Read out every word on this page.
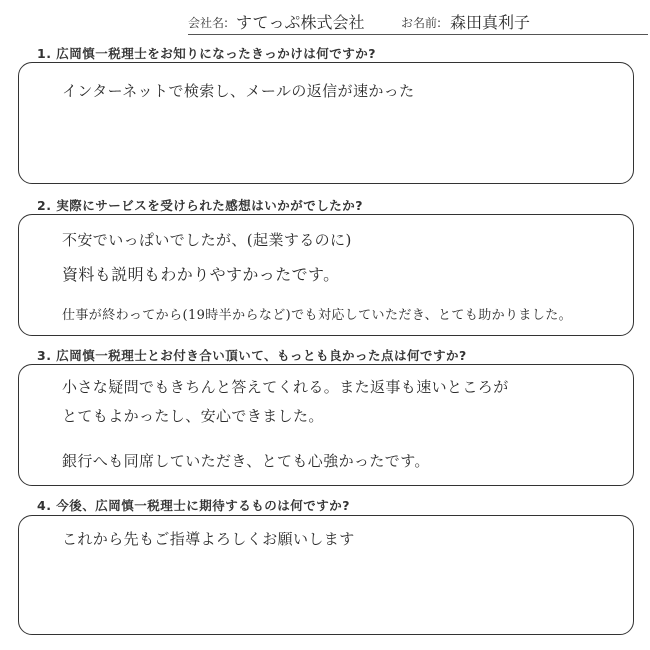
会社名: すてっぷ株式会社	お名前: 森田真利子
1. 広岡慎一税理士をお知りになったきっかけは何ですか?
インターネットで検索し、メールの返信が速かった
2. 実際にサービスを受けられた感想はいかがでしたか?
不安でいっぱいでしたが、(起業するのに)
資料も説明もわかりやすかったです。
仕事が終わってから(19時半からなど)でも対応していただき、とても助かりました。
3. 広岡慎一税理士とお付き合い頂いて、もっとも良かった点は何ですか?
小さな疑問でもきちんと答えてくれる。また返事も速いところが
とてもよかったし、安心できました。
銀行へも同席していただき、とても心強かったです。
4. 今後、広岡慎一税理士に期待するものは何ですか?
これから先もご指導よろしくお願いします
